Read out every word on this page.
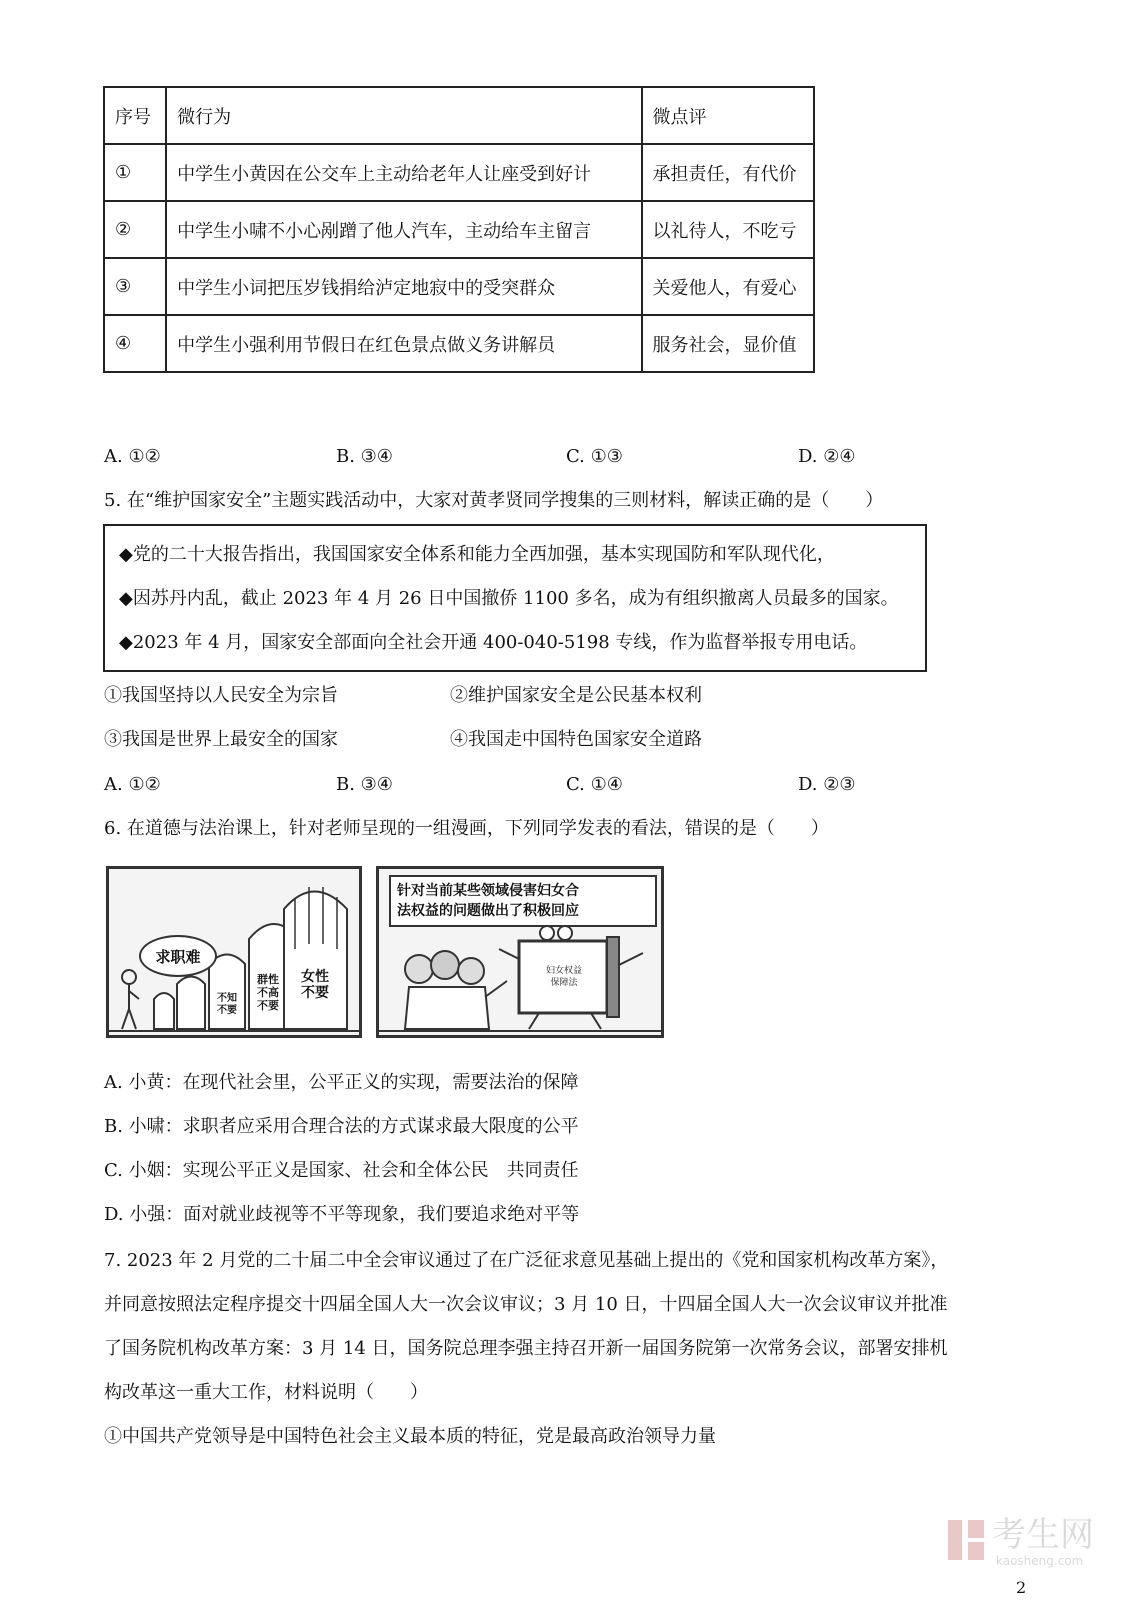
序号	微行为	微点评
①	中学生小黄因在公交车上主动给老年人让座受到好计	承担责任，有代价
②	中学生小啸不小心剐蹭了他人汽车，主动给车主留言	以礼待人，不吃亏
③	中学生小词把压岁钱捐给泸定地寂中的受突群众	关爱他人，有爱心
④	中学生小强利用节假日在红色景点做义务讲解员	服务社会，显价值
A. ①②	B. ③④	C. ①③	D. ②④
5. 在“维护国家安全”主题实践活动中，大家对黄孝贤同学搜集的三则材料，解读正确的是（　　）
◆党的二十大报告指出，我国国家安全体系和能力全西加强，基本实现国防和军队现代化，
◆因苏丹内乱，截止 2023 年 4 月 26 日中国撤侨 1100 多名，成为有组织撤离人员最多的国家。
◆2023 年 4 月，国家安全部面向全社会开通 400-040-5198 专线，作为监督举报专用电话。
①我国坚持以人民安全为宗旨	②维护国家安全是公民基本权利
③我国是世界上最安全的国家	④我国走中国特色国家安全道路
A. ①②	B. ③④	C. ①④	D. ②③
6. 在道德与法治课上，针对老师呈现的一组漫画，下列同学发表的看法，错误的是（　　）
求职难
女性
不要
群性
不高
不要
不知
不要
针对当前某些领域侵害妇女合
法权益的问题做出了积极回应
妇女权益
保障法
A. 小黄：在现代社会里，公平正义的实现，需要法治的保障
B. 小啸：求职者应采用合理合法的方式谋求最大限度的公平
C. 小姻：实现公平正义是国家、社会和全体公民　共同责任
D. 小强：面对就业歧视等不平等现象，我们要追求绝对平等
7. 2023 年 2 月党的二十届二中全会审议通过了在广泛征求意见基础上提出的《党和国家机构改革方案》，
并同意按照法定程序提交十四届全国人大一次会议审议；3 月 10 日，十四届全国人大一次会议审议并批准
了国务院机构改革方案：3 月 14 日，国务院总理李强主持召开新一届国务院第一次常务会议，部署安排机
构改革这一重大工作，材料说明（　　）
①中国共产党领导是中国特色社会主义最本质的特征，党是最高政治领导力量
考生网
kaosheng.com
2
